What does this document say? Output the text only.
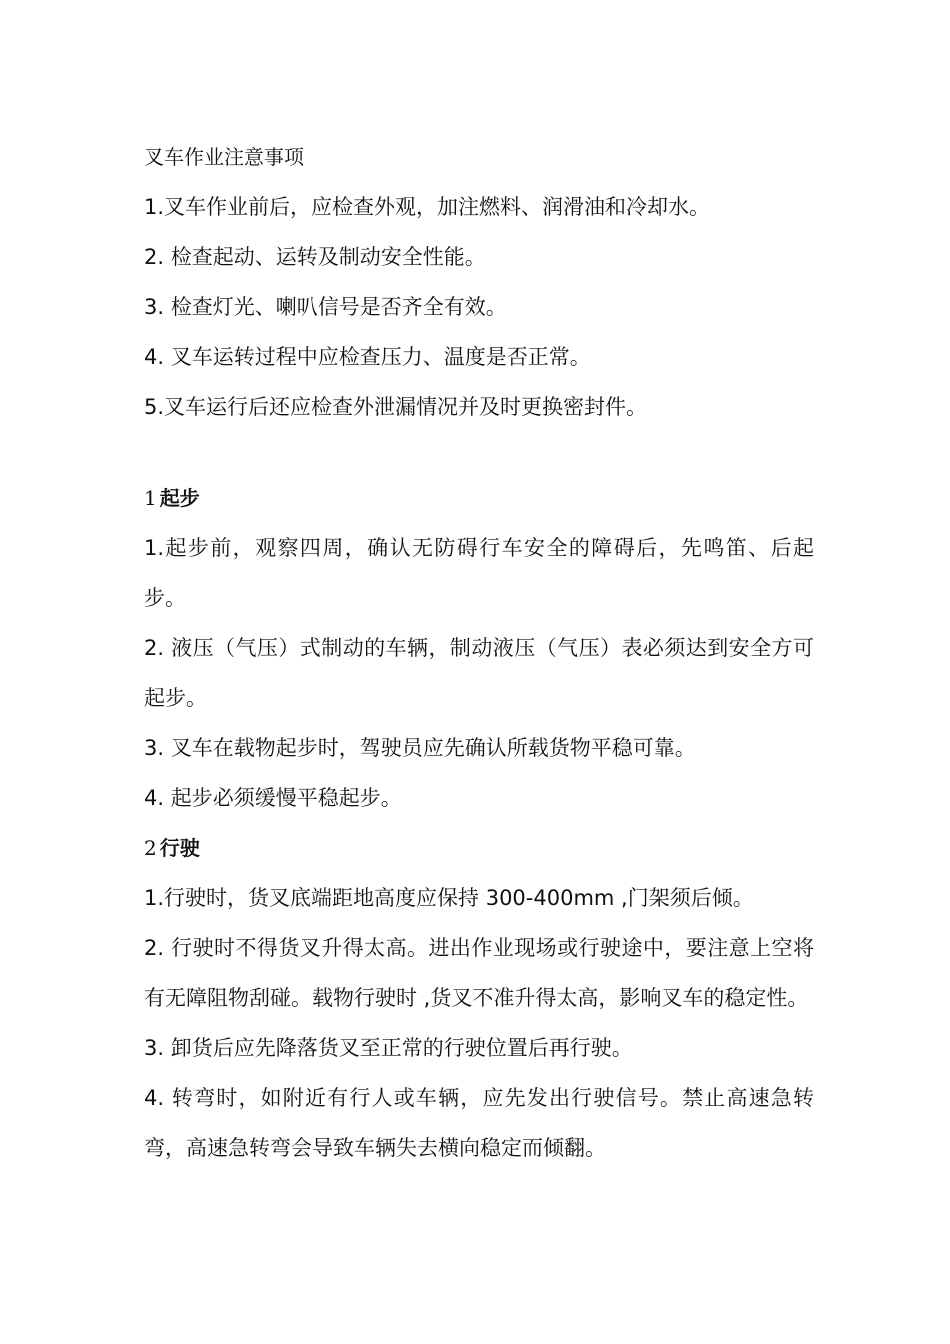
叉车作业注意事项

1.叉车作业前后，应检查外观，加注燃料、润滑油和冷却水。

2. 检查起动、运转及制动安全性能。

3. 检查灯光、喇叭信号是否齐全有效。

4. 叉车运转过程中应检查压力、温度是否正常。

5.叉车运行后还应检查外泄漏情况并及时更换密封件。

1 起步

1.起步前，观察四周，确认无防碍行车安全的障碍后，先鸣笛、后起步。

2. 液压（气压）式制动的车辆，制动液压（气压）表必须达到安全方可起步。

3. 叉车在载物起步时，驾驶员应先确认所载货物平稳可靠。

4. 起步必须缓慢平稳起步。

2 行驶

1.行驶时，货叉底端距地高度应保持 300-400mm ,门架须后倾。

2. 行驶时不得货叉升得太高。进出作业现场或行驶途中，要注意上空将有无障阻物刮碰。载物行驶时 ,货叉不准升得太高，影响叉车的稳定性。

3. 卸货后应先降落货叉至正常的行驶位置后再行驶。

4. 转弯时，如附近有行人或车辆，应先发出行驶信号。禁止高速急转弯，高速急转弯会导致车辆失去横向稳定而倾翻。
